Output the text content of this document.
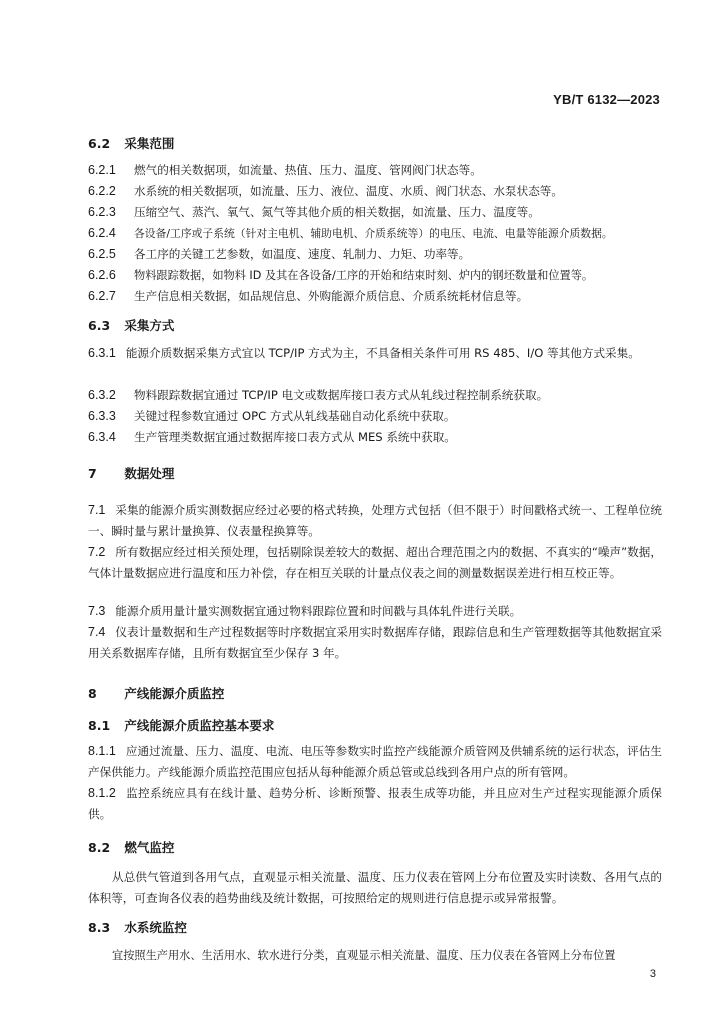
YB/T 6132—2023
6.2 采集范围
6.2.1 燃气的相关数据项，如流量、热值、压力、温度、管网阀门状态等。
6.2.2 水系统的相关数据项，如流量、压力、液位、温度、水质、阀门状态、水泵状态等。
6.2.3 压缩空气、蒸汽、氧气、氮气等其他介质的相关数据，如流量、压力、温度等。
6.2.4 各设备/工序或子系统（针对主电机、辅助电机、介质系统等）的电压、电流、电量等能源介质数据。
6.2.5 各工序的关键工艺参数，如温度、速度、轧制力、力矩、功率等。
6.2.6 物料跟踪数据，如物料 ID 及其在各设备/工序的开始和结束时刻、炉内的钢坯数量和位置等。
6.2.7 生产信息相关数据，如品规信息、外购能源介质信息、介质系统耗材信息等。
6.3 采集方式
6.3.1 能源介质数据采集方式宜以 TCP/IP 方式为主，不具备相关条件可用 RS 485、I/O 等其他方式采集。
6.3.2 物料跟踪数据宜通过 TCP/IP 电文或数据库接口表方式从轧线过程控制系统获取。
6.3.3 关键过程参数宜通过 OPC 方式从轧线基础自动化系统中获取。
6.3.4 生产管理类数据宜通过数据库接口表方式从 MES 系统中获取。
7 数据处理
7.1 采集的能源介质实测数据应经过必要的格式转换，处理方式包括（但不限于）时间戳格式统一、工程单位统一、瞬时量与累计量换算、仪表量程换算等。
7.2 所有数据应经过相关预处理，包括剔除误差较大的数据、超出合理范围之内的数据、不真实的“噪声”数据，气体计量数据应进行温度和压力补偿，存在相互关联的计量点仪表之间的测量数据误差进行相互校正等。
7.3 能源介质用量计量实测数据宜通过物料跟踪位置和时间戳与具体轧件进行关联。
7.4 仪表计量数据和生产过程数据等时序数据宜采用实时数据库存储，跟踪信息和生产管理数据等其他数据宜采用关系数据库存储，且所有数据宜至少保存 3 年。
8 产线能源介质监控
8.1 产线能源介质监控基本要求
8.1.1 应通过流量、压力、温度、电流、电压等参数实时监控产线能源介质管网及供辅系统的运行状态，评估生产保供能力。产线能源介质监控范围应包括从每种能源介质总管或总线到各用户点的所有管网。
8.1.2 监控系统应具有在线计量、趋势分析、诊断预警、报表生成等功能，并且应对生产过程实现能源介质保供。
8.2 燃气监控
从总供气管道到各用气点，直观显示相关流量、温度、压力仪表在管网上分布位置及实时读数、各用气点的体积等，可查询各仪表的趋势曲线及统计数据，可按照给定的规则进行信息提示或异常报警。
8.3 水系统监控
宜按照生产用水、生活用水、软水进行分类，直观显示相关流量、温度、压力仪表在各管网上分布位置
3
